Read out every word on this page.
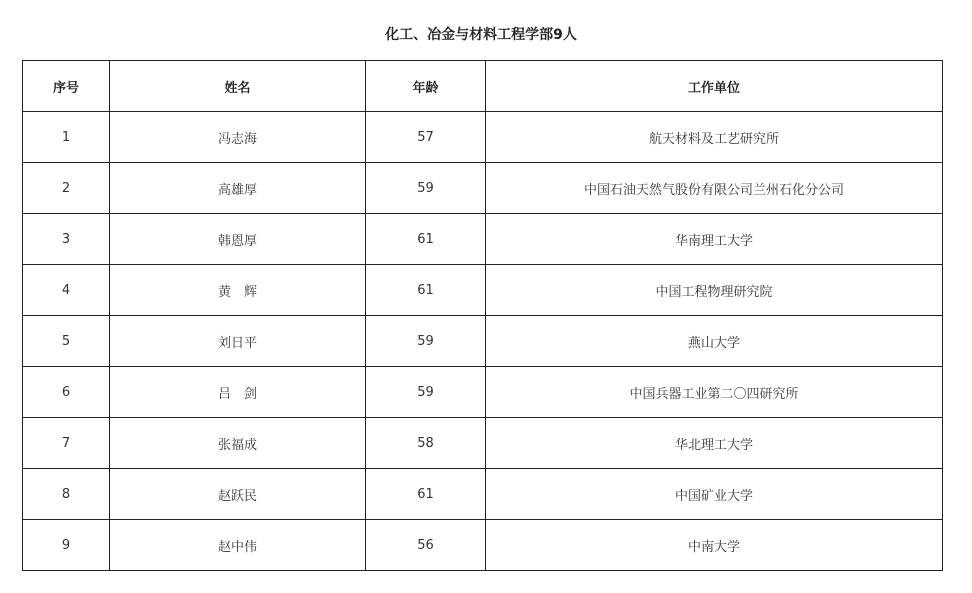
化工、冶金与材料工程学部9人
序号	姓名	年龄	工作单位
1	冯志海	57	航天材料及工艺研究所
2	高雄厚	59	中国石油天然气股份有限公司兰州石化分公司
3	韩恩厚	61	华南理工大学
4	黄　辉	61	中国工程物理研究院
5	刘日平	59	燕山大学
6	吕　剑	59	中国兵器工业第二〇四研究所
7	张福成	58	华北理工大学
8	赵跃民	61	中国矿业大学
9	赵中伟	56	中南大学
